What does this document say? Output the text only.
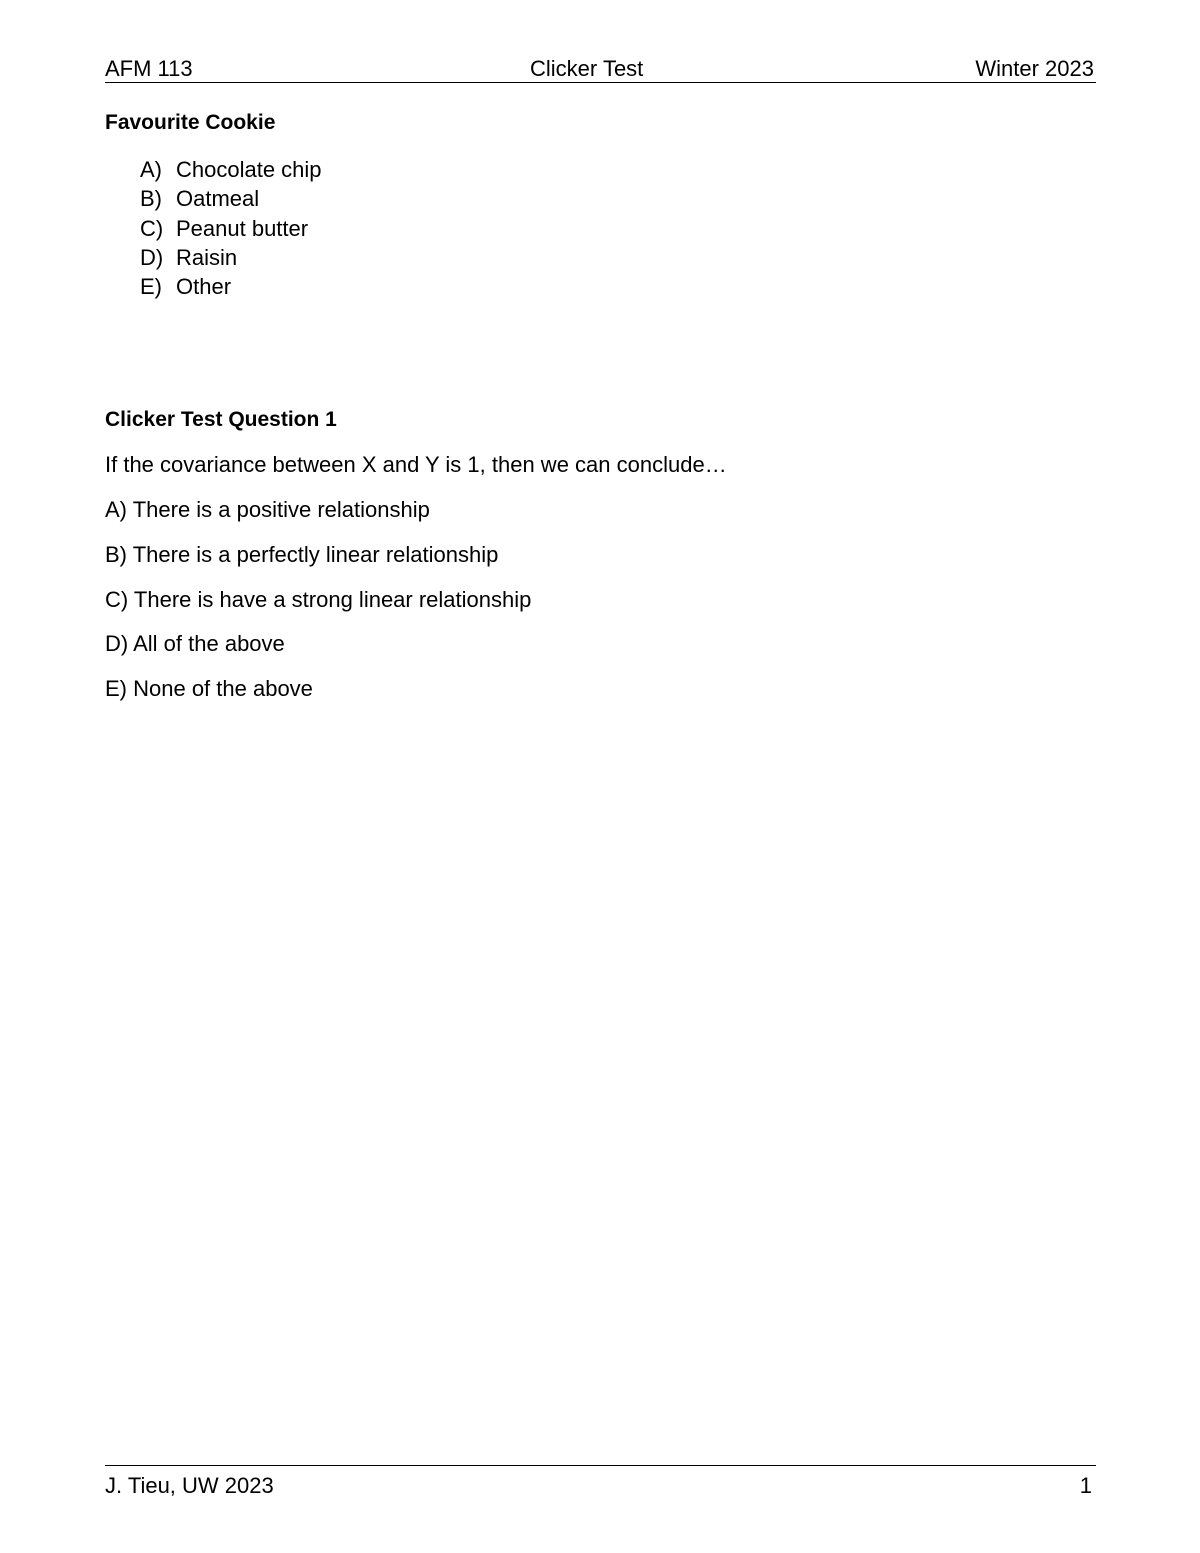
AFM 113	Clicker Test	Winter 2023
Favourite Cookie
A) Chocolate chip
B) Oatmeal
C) Peanut butter
D) Raisin
E) Other
Clicker Test Question 1
If the covariance between X and Y is 1, then we can conclude…
A) There is a positive relationship
B) There is a perfectly linear relationship
C) There is have a strong linear relationship
D) All of the above
E) None of the above
J. Tieu, UW 2023	1
